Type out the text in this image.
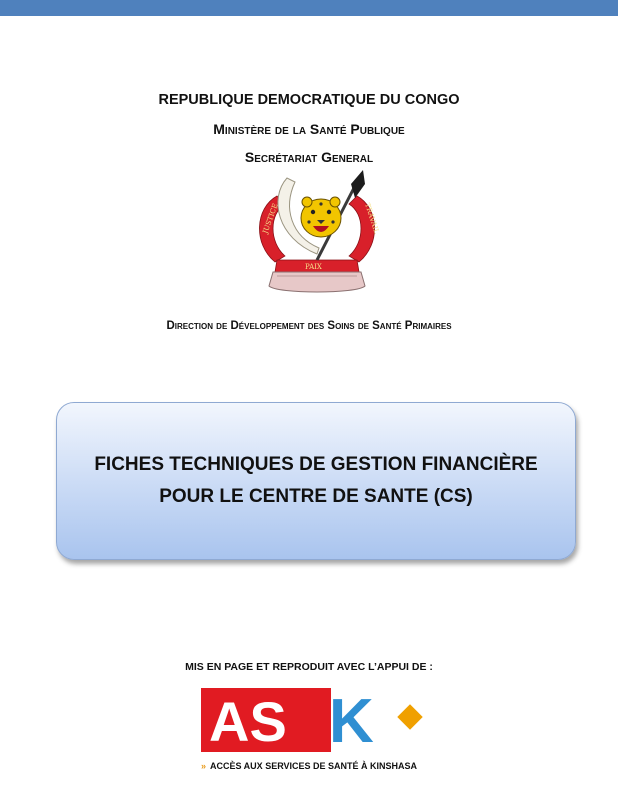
REPUBLIQUE DEMOCRATIQUE DU CONGO
Ministère de la Santé Publique
Secrétariat General
JUSTICE
PAIX
TRAVAIL
Direction de Développement des Soins de Santé Primaires
FICHES TECHNIQUES DE GESTION FINANCIÈRE
POUR LE CENTRE DE SANTE (CS)
MIS EN PAGE ET REPRODUIT AVEC L’APPUI DE :
AS K
» ACCÈS AUX SERVICES DE SANTÉ À KINSHASA
